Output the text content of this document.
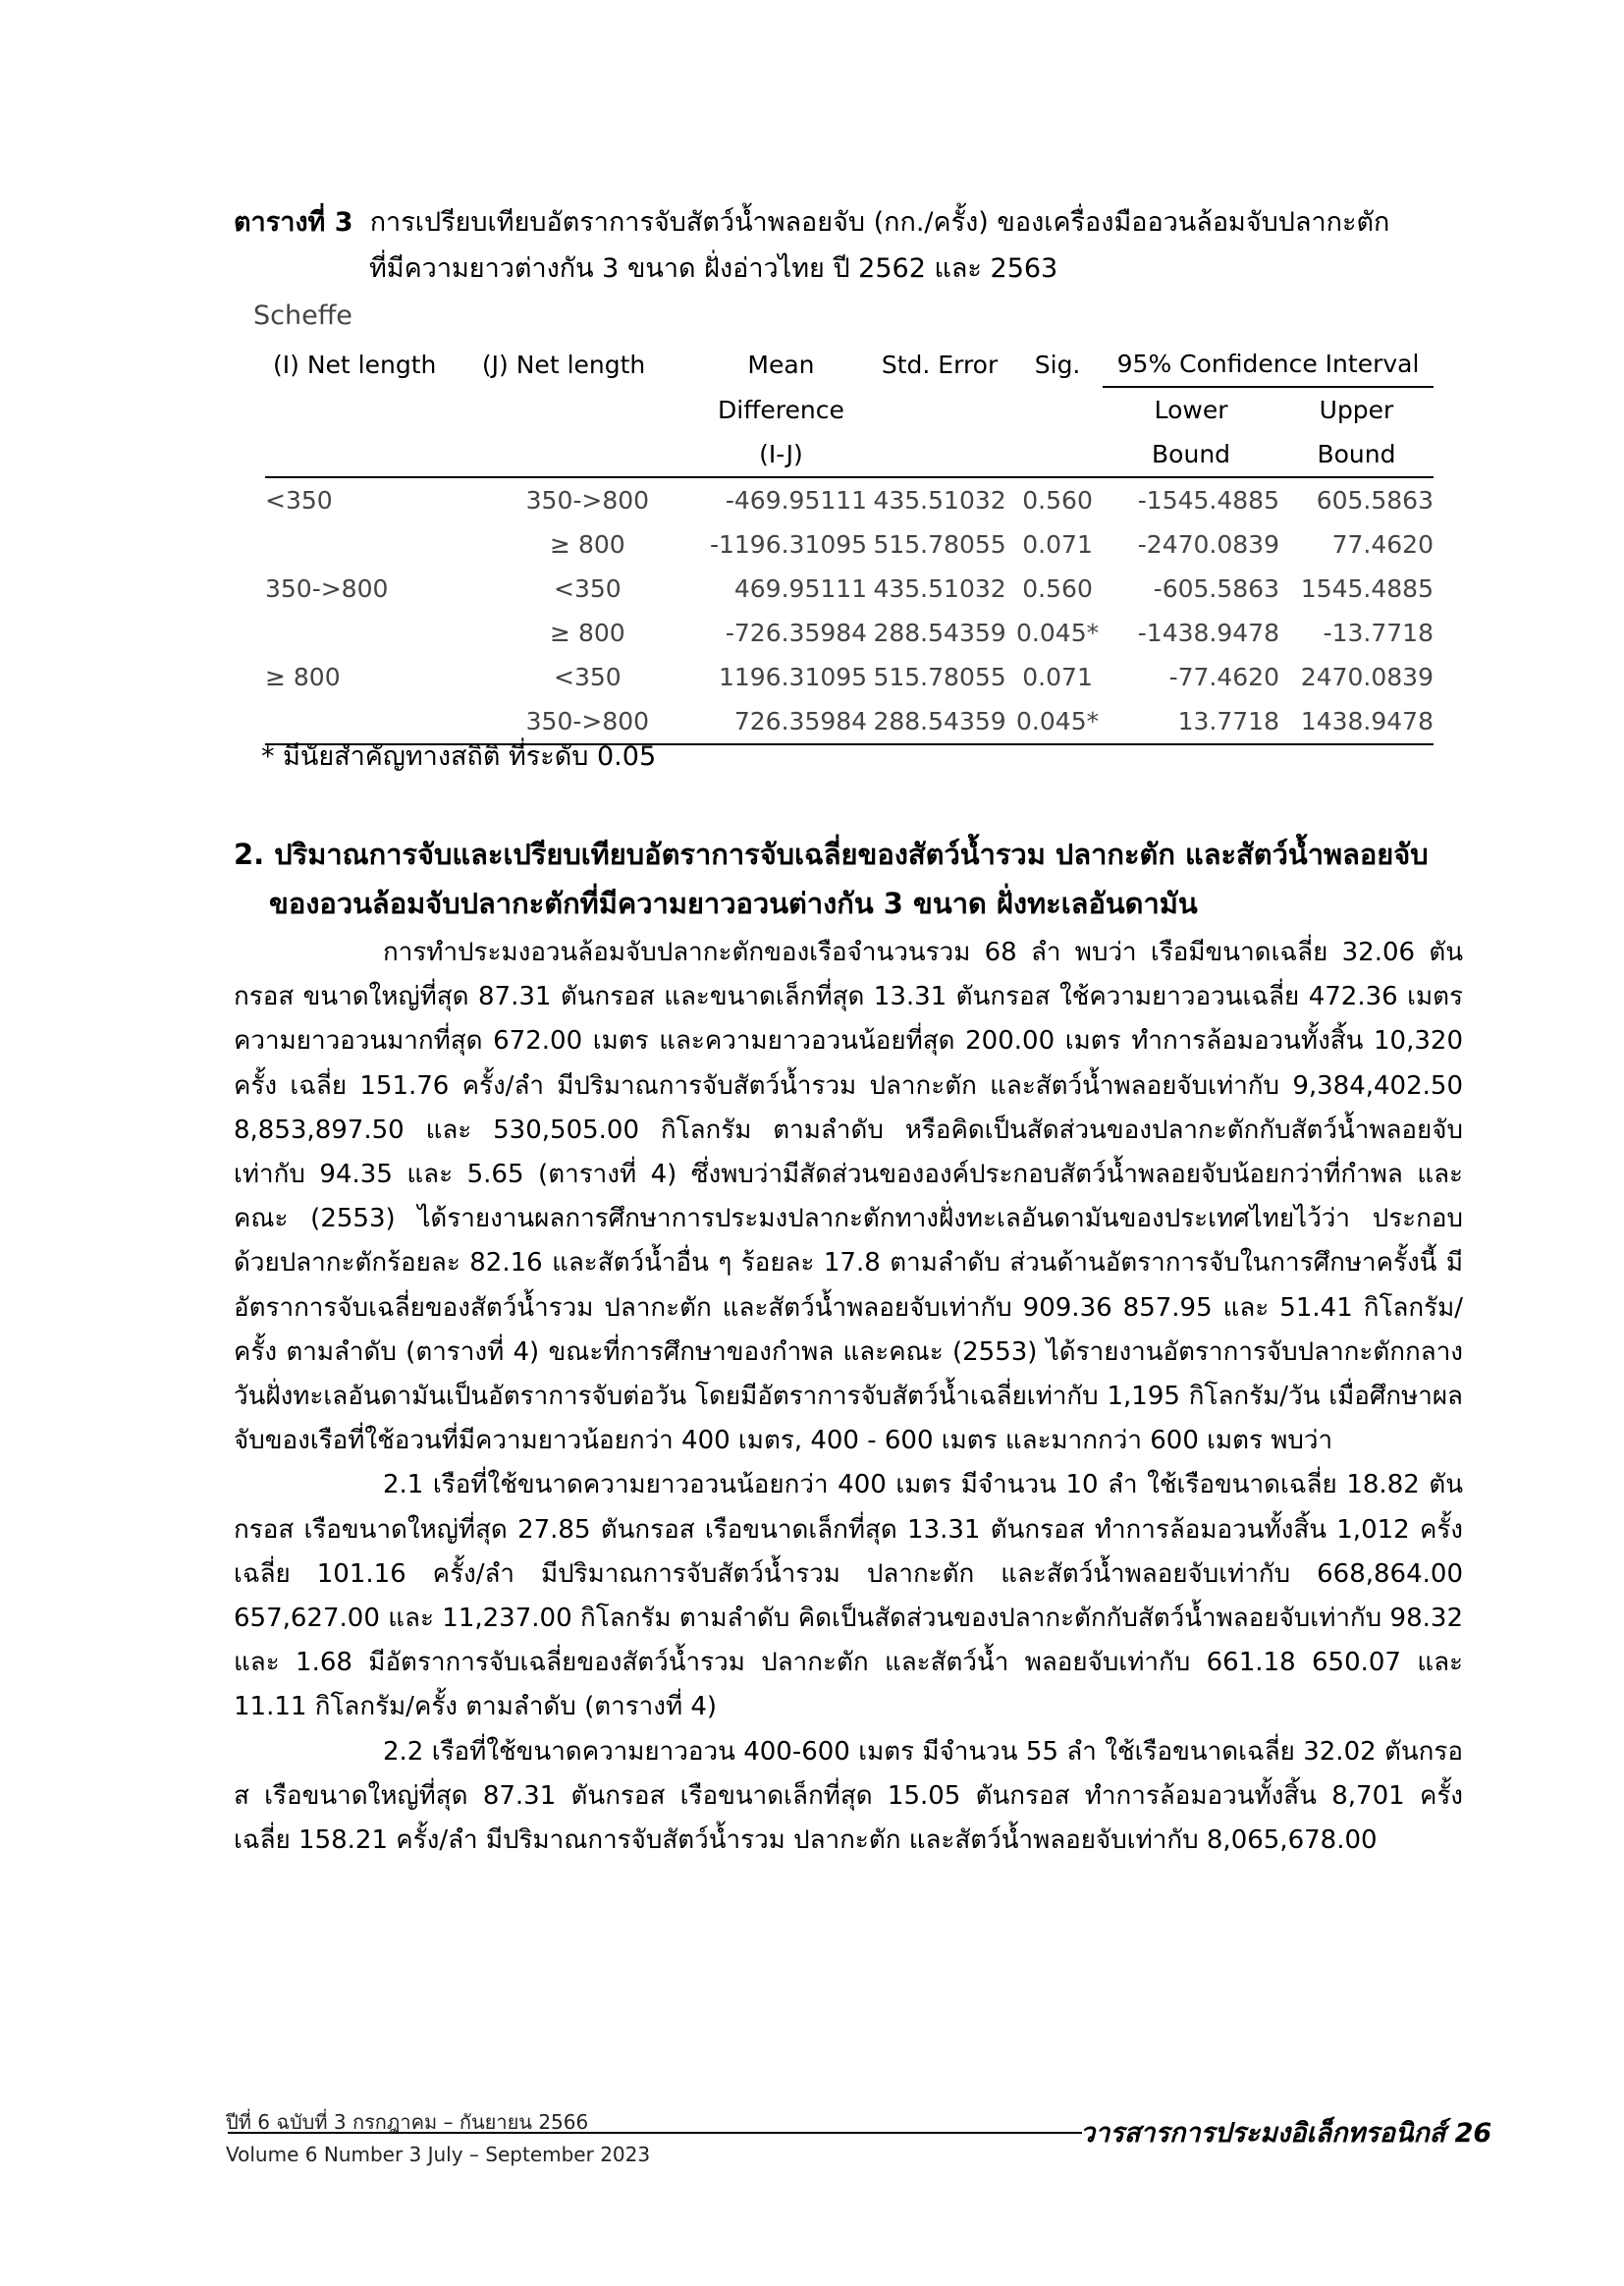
ตารางที่ 3 การเปรียบเทียบอัตราการจับสัตว์น้ำพลอยจับ (กก./ครั้ง) ของเครื่องมืออวนล้อมจับปลากะตัก
ที่มีความยาวต่างกัน 3 ขนาด ฝั่งอ่าวไทย ปี 2562 และ 2563
Scheffe
(I) Net length	(J) Net length	Mean	Std. Error	Sig.	95% Confidence Interval	
		Difference			Lower	Upper
		(I-J)			Bound	Bound
<350	350->800	-469.95111	435.51032	0.560	-1545.4885	605.5863
	≥ 800	-1196.31095	515.78055	0.071	-2470.0839	77.4620
350->800	<350	469.95111	435.51032	0.560	-605.5863	1545.4885
	≥ 800	-726.35984	288.54359	0.045*	-1438.9478	-13.7718
≥ 800	<350	1196.31095	515.78055	0.071	-77.4620	2470.0839
	350->800	726.35984	288.54359	0.045*	13.7718	1438.9478
* มีนัยสำคัญทางสถิติ ที่ระดับ 0.05
2. ปริมาณการจับและเปรียบเทียบอัตราการจับเฉลี่ยของสัตว์น้ำรวม ปลากะตัก และสัตว์น้ำพลอยจับ
ของอวนล้อมจับปลากะตักที่มีความยาวอวนต่างกัน 3 ขนาด ฝั่งทะเลอันดามัน

การทำประมงอวนล้อมจับปลากะตักของเรือจำนวนรวม 68 ลำ พบว่า เรือมีขนาดเฉลี่ย 32.06 ตันกรอส ขนาดใหญ่ที่สุด 87.31 ตันกรอส และขนาดเล็กที่สุด 13.31 ตันกรอส ใช้ความยาวอวนเฉลี่ย 472.36 เมตร ความยาวอวนมากที่สุด 672.00 เมตร และความยาวอวนน้อยที่สุด 200.00 เมตร ทำการล้อมอวนทั้งสิ้น 10,320 ครั้ง เฉลี่ย 151.76 ครั้ง/ลำ มีปริมาณการจับสัตว์น้ำรวม ปลากะตัก และสัตว์น้ำพลอยจับเท่ากับ 9,384,402.50 8,853,897.50 และ 530,505.00 กิโลกรัม ตามลำดับ หรือคิดเป็นสัดส่วนของปลากะตักกับสัตว์น้ำพลอยจับเท่ากับ 94.35 และ 5.65 (ตารางที่ 4) ซึ่งพบว่ามีสัดส่วนขององค์ประกอบสัตว์น้ำพลอยจับน้อยกว่าที่กำพล และคณะ (2553) ได้รายงานผลการศึกษาการประมงปลากะตักทางฝั่งทะเลอันดามันของประเทศไทยไว้ว่า ประกอบด้วยปลากะตักร้อยละ 82.16 และสัตว์น้ำอื่น ๆ ร้อยละ 17.8 ตามลำดับ ส่วนด้านอัตราการจับในการศึกษาครั้งนี้ มีอัตราการจับเฉลี่ยของสัตว์น้ำรวม ปลากะตัก และสัตว์น้ำพลอยจับเท่ากับ 909.36 857.95 และ 51.41 กิโลกรัม/ครั้ง ตามลำดับ (ตารางที่ 4) ขณะที่การศึกษาของกำพล และคณะ (2553) ได้รายงานอัตราการจับปลากะตักกลางวันฝั่งทะเลอันดามันเป็นอัตราการจับต่อวัน โดยมีอัตราการจับสัตว์น้ำเฉลี่ยเท่ากับ 1,195 กิโลกรัม/วัน เมื่อศึกษาผลจับของเรือที่ใช้อวนที่มีความยาวน้อยกว่า 400 เมตร, 400 - 600 เมตร และมากกว่า 600 เมตร พบว่า

2.1 เรือที่ใช้ขนาดความยาวอวนน้อยกว่า 400 เมตร มีจำนวน 10 ลำ ใช้เรือขนาดเฉลี่ย 18.82 ตันกรอส เรือขนาดใหญ่ที่สุด 27.85 ตันกรอส เรือขนาดเล็กที่สุด 13.31 ตันกรอส ทำการล้อมอวนทั้งสิ้น 1,012 ครั้ง เฉลี่ย 101.16 ครั้ง/ลำ มีปริมาณการจับสัตว์น้ำรวม ปลากะตัก และสัตว์น้ำพลอยจับเท่ากับ 668,864.00 657,627.00 และ 11,237.00 กิโลกรัม ตามลำดับ คิดเป็นสัดส่วนของปลากะตักกับสัตว์น้ำพลอยจับเท่ากับ 98.32 และ 1.68 มีอัตราการจับเฉลี่ยของสัตว์น้ำรวม ปลากะตัก และสัตว์น้ำ พลอยจับเท่ากับ 661.18 650.07 และ 11.11 กิโลกรัม/ครั้ง ตามลำดับ (ตารางที่ 4)

2.2 เรือที่ใช้ขนาดความยาวอวน 400-600 เมตร มีจำนวน 55 ลำ ใช้เรือขนาดเฉลี่ย 32.02 ตันกรอส เรือขนาดใหญ่ที่สุด 87.31 ตันกรอส เรือขนาดเล็กที่สุด 15.05 ตันกรอส ทำการล้อมอวนทั้งสิ้น 8,701 ครั้ง เฉลี่ย 158.21 ครั้ง/ลำ มีปริมาณการจับสัตว์น้ำรวม ปลากะตัก และสัตว์น้ำพลอยจับเท่ากับ 8,065,678.00

ปีที่ 6 ฉบับที่ 3 กรกฎาคม – กันยายน 2566
Volume 6 Number 3 July – September 2023
วารสารการประมงอิเล็กทรอนิกส์ 26
